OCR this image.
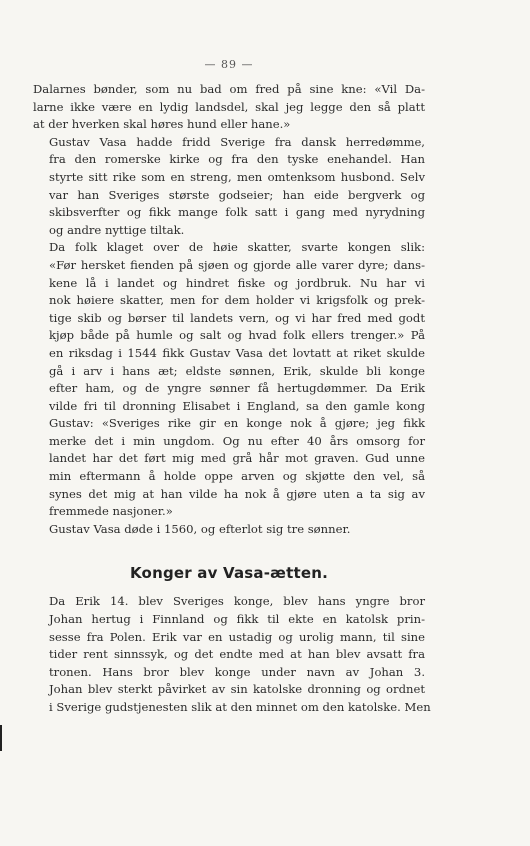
— 89 —

Dalarnes bønder, som nu bad om fred på sine knе: «Vil Da-
larne ikke være en lydig landsdel, skal jeg legge den så platt
at der hverken skal høres hund eller hane.»

Gustav Vasa hadde fridd Sverige fra dansk herredømme,
fra den romerske kirke og fra den tyske enehandel. Han
styrte sitt rike som en streng, men omtenksom husbond. Selv
var han Sveriges største godseier; han eide bergverk og
skibsverfter og fikk mange folk satt i gang med nyrydning
og andre nyttige tiltak.

Da folk klaget over de høie skatter, svarte kongen slik:
«Før hersket fienden på sjøen og gjorde alle varer dyre; dans-
kene lå i landet og hindret fiske og jordbruk. Nu har vi
nok høiere skatter, men for dem holder vi krigsfolk og prek-
tige skib og børser til landets vern, og vi har fred med godt
kjøp både på humle og salt og hvad folk ellers trenger.» På
en riksdag i 1544 fikk Gustav Vasa det lovtatt at riket skulde
gå i arv i hans æt; eldste sønnen, Erik, skulde bli konge
efter ham, og de yngre sønner få hertugdømmer. Da Erik
vilde fri til dronning Elisabet i England, sa den gamle kong
Gustav: «Sveriges rike gir en konge nok å gjøre; jeg fikk
merke det i min ungdom. Og nu efter 40 års omsorg for
landet har det ført mig med grå hår mot graven. Gud unne
min eftermann å holde oppe arven og skjøtte den vel, så
synes det mig at han vilde ha nok å gjøre uten a ta sig av
fremmede nasjoner.»

Gustav Vasa døde i 1560, og efterlot sig tre sønner.

Konger av Vasa-ætten.

Da Erik 14. blev Sveriges konge, blev hans yngre bror
Johan hertug i Finnland og fikk til ekte en katolsk prin-
sesse fra Polen. Erik var en ustadig og urolig mann, til sine
tider rent sinnssyk, og det endte med at han blev avsatt fra
tronen. Hans bror blev konge under navn av Johan 3.
Johan blev sterkt påvirket av sin katolske dronning og ordnet
i Sverige gudstjenesten slik at den minnet om den katolske. Men
